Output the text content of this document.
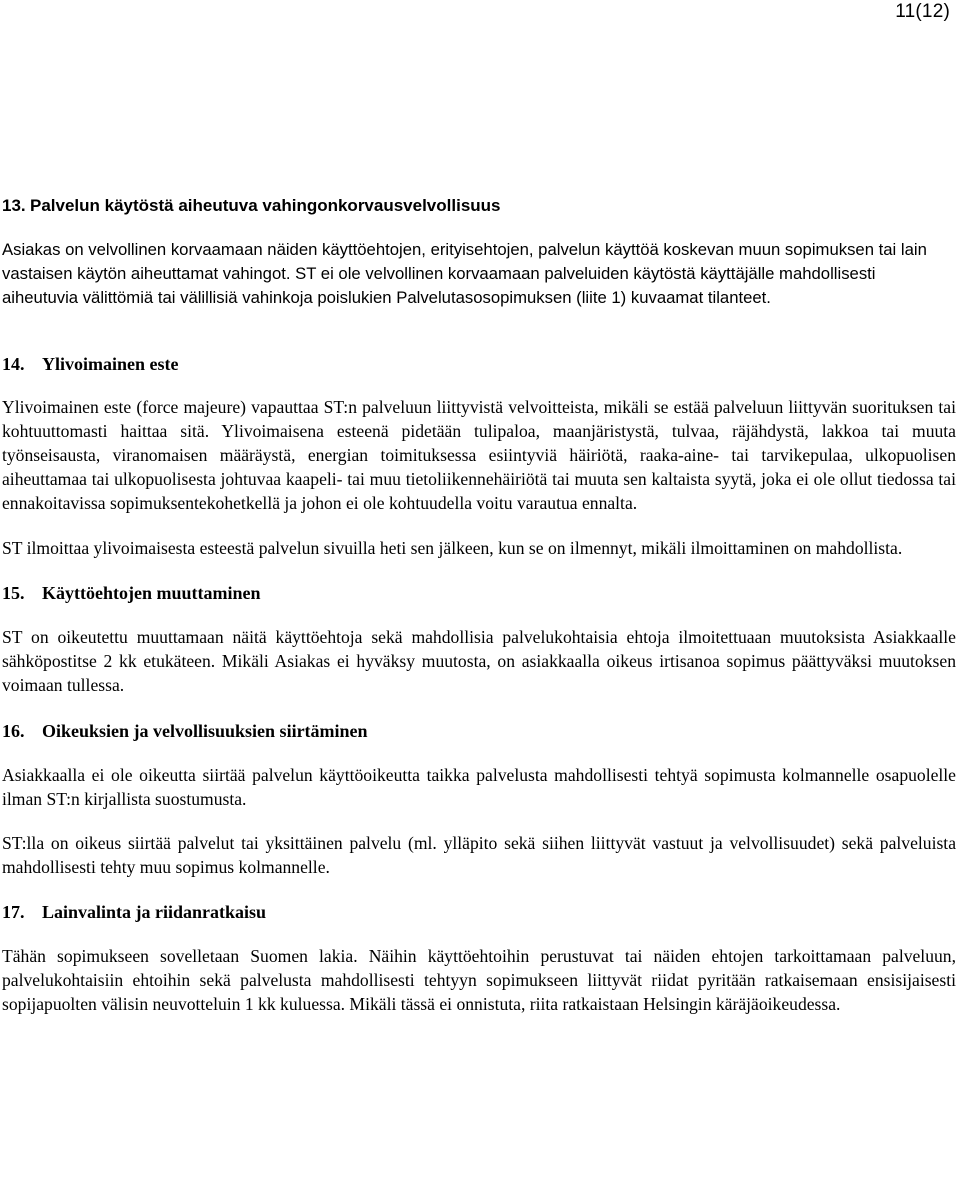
11(12)
13. Palvelun käytöstä aiheutuva vahingonkorvausvelvollisuus
Asiakas on velvollinen korvaamaan näiden käyttöehtojen, erityisehtojen, palvelun käyttöä koskevan muun sopimuksen tai lain vastaisen käytön aiheuttamat vahingot. ST ei ole velvollinen korvaamaan palveluiden käytöstä käyttäjälle mahdollisesti aiheutuvia välittömiä tai välillisiä vahinkoja poislukien Palvelutasosopimuksen (liite 1) kuvaamat tilanteet.
14. Ylivoimainen este
Ylivoimainen este (force majeure) vapauttaa ST:n palveluun liittyvistä velvoitteista, mikäli se estää palveluun liittyvän suorituksen tai kohtuuttomasti haittaa sitä. Ylivoimaisena esteenä pidetään tulipaloa, maanjäristystä, tulvaa, räjähdystä, lakkoa tai muuta työnseisausta, viranomaisen määräystä, energian toimituksessa esiintyviä häiriötä, raaka-aine- tai tarvikepulaa, ulkopuolisen aiheuttamaa tai ulkopuolisesta johtuvaa kaapeli- tai muu tietoliikennehäiriötä tai muuta sen kaltaista syytä, joka ei ole ollut tiedossa tai ennakoitavissa sopimuksentekohetkellä ja johon ei ole kohtuudella voitu varautua ennalta.
ST ilmoittaa ylivoimaisesta esteestä palvelun sivuilla heti sen jälkeen, kun se on ilmennyt, mikäli ilmoittaminen on mahdollista.
15. Käyttöehtojen muuttaminen
ST on oikeutettu muuttamaan näitä käyttöehtoja sekä mahdollisia palvelukohtaisia ehtoja ilmoitettuaan muutoksista Asiakkaalle sähköpostitse 2 kk etukäteen. Mikäli Asiakas ei hyväksy muutosta, on asiakkaalla oikeus irtisanoa sopimus päättyväksi muutoksen voimaan tullessa.
16. Oikeuksien ja velvollisuuksien siirtäminen
Asiakkaalla ei ole oikeutta siirtää palvelun käyttöoikeutta taikka palvelusta mahdollisesti tehtyä sopimusta kolmannelle osapuolelle ilman ST:n kirjallista suostumusta.
ST:lla on oikeus siirtää palvelut tai yksittäinen palvelu (ml. ylläpito sekä siihen liittyvät vastuut ja velvollisuudet) sekä palveluista mahdollisesti tehty muu sopimus kolmannelle.
17. Lainvalinta ja riidanratkaisu
Tähän sopimukseen sovelletaan Suomen lakia. Näihin käyttöehtoihin perustuvat tai näiden ehtojen tarkoittamaan palveluun, palvelukohtaisiin ehtoihin sekä palvelusta mahdollisesti tehtyyn sopimukseen liittyvät riidat pyritään ratkaisemaan ensisijaisesti sopijapuolten välisin neuvotteluin 1 kk kuluessa. Mikäli tässä ei onnistuta, riita ratkaistaan Helsingin käräjäoikeudessa.
